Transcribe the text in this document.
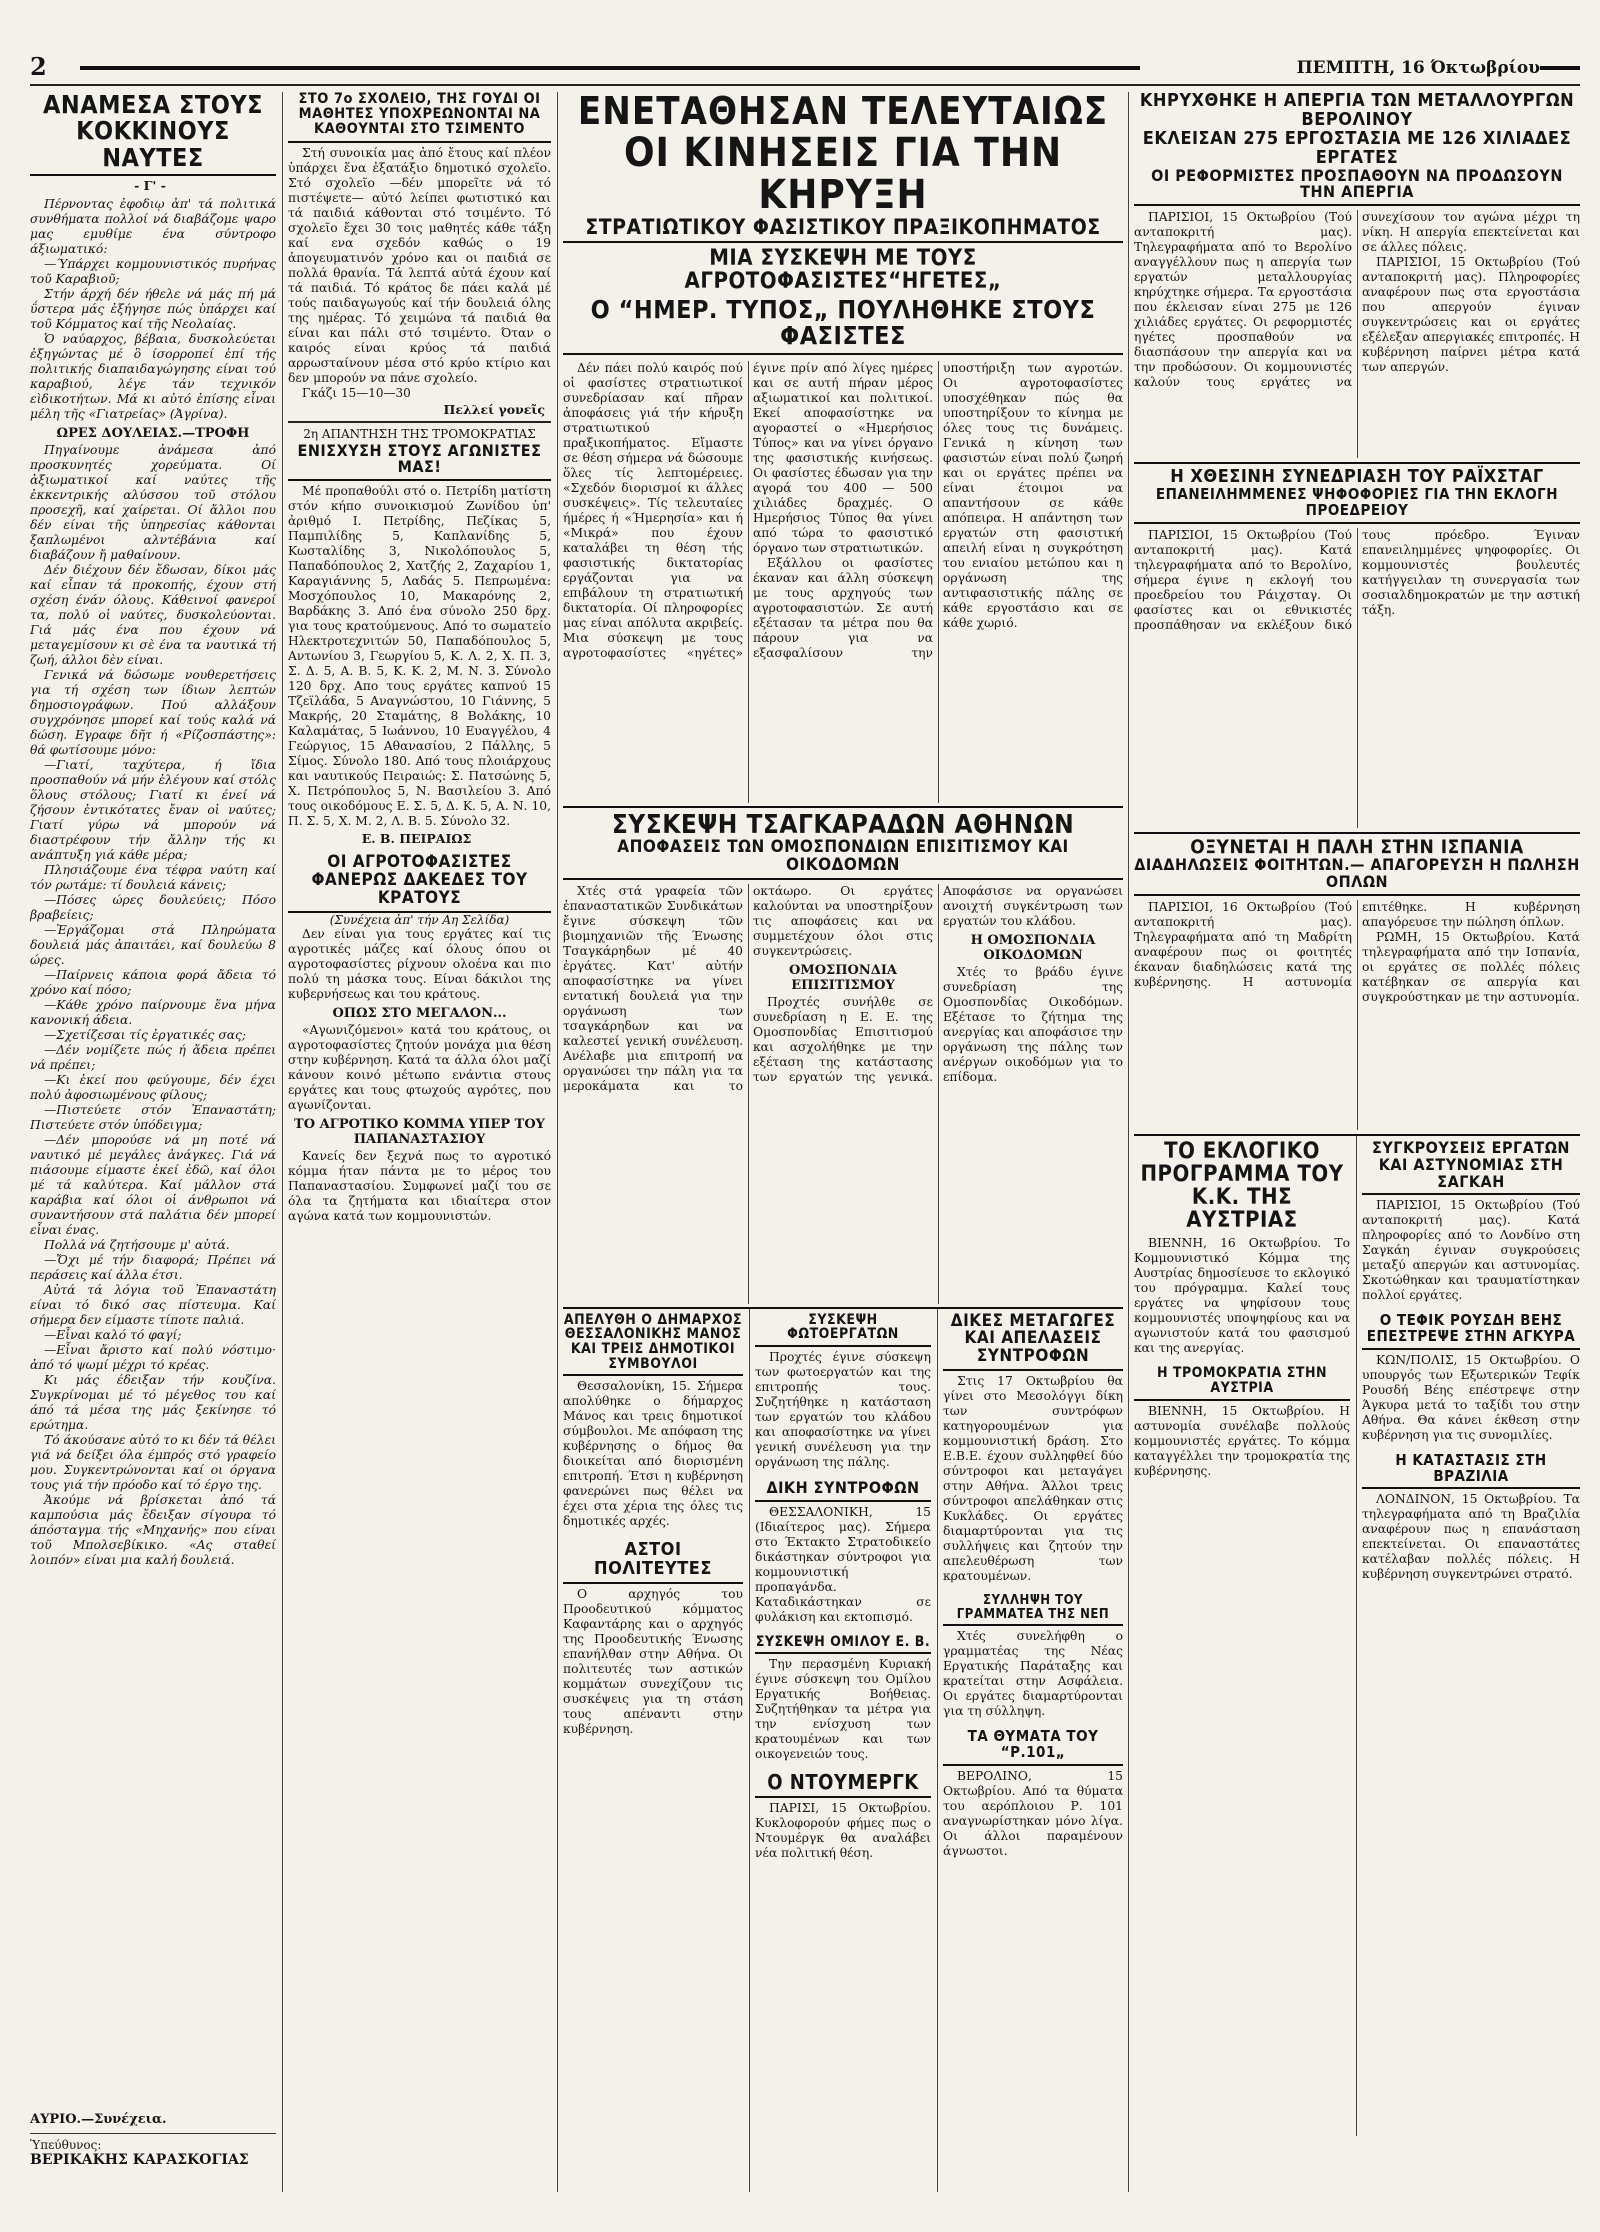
2	ΠΕΜΠΤΗ, 16 Όκτωβρίου
ΑΝΑΜΕΣΑ ΣΤΟΥΣ ΚΟΚΚΙΝΟΥΣ ΝΑΥΤΕΣ
- Γ' -

Πέρνοντας ἐφοδιῳ ἀπ' τά πολιτικά συνθήματα πολλοί νά διαβάζομε ψαρο μας εμυθίμε ένα σύντροφο άξιωματικό:

—Ύπάρχει κομμουνιστικός πυρήνας τοῦ Καραβιοῦ;

Στήν άρχή δέν ήθελε νά μάς πή μά ΰστερα μάς ἐξήγησε πώς ὑπάρχει καί τοῦ Κόμματος καί τῆς Νεολαίας.

Ὁ ναύαρχος, βέβαια, δυσκολεύεται ἐξηγώντας μέ ὃ ίσορροπεί ἐπί τής πολιτικής διαπαιδαγώγησης είναι τού καραβιού, λέγε τάν τεχνικόν εὶδικοτήτων. Μά κι αὐτό ἐπίσης εἶναι μέλη τῆς «Γιατρείας» (Ἀγρίνα).

ΩΡΕΣ ΔΟΥΛΕΙΑΣ.—ΤΡΟΦΗ

Πηγαίνουμε ἀνάμεσα ἀπό προσκυνητές χορεύματα. Οί ἀξιωματικοί καί ναύτες τῆς ἐκκεντρικής αλύσσου τοῦ στόλου προσεχῆ, καί χαίρεται. Οί ἄλλοι που δέν είναι τῆς ὑπηρεσίας κάθονται ξαπλωμένοι αλντέβάνια καί διαβάζουν ἤ μαθαίνουν.

Δέν διέχουν δέν ἔδωσαν, δίκοι μάς καί εἶπαν τά προκοπής, έχουν στή σχέση ένάν όλους. Κάθεινοί φανεροί τα, πολύ οἱ ναύτες, δυσκολεύονται. Γιά μάς ένα που έχουν νά μεταγεμίσουν κι σὲ ένα τα ναυτικά τή ζωή, άλλοι δὲν είναι.

Γενικά νά δώσωμε νουθερετήσεις για τή σχέση των ίδιων λεπτών δημοσιογράφων. Πού αλλάξουν συγχρόνησε μπορεί καί τούς καλά νά δώση. Εγραφε δῆτ ή «Ρίζοσπάστης»: θά φωτίσουμε μόνο:

—Γιατί, ταχύτερα, ή ἴδια προσπαθούν νά μήν ἐλέγουν καί στόλς ὅλους στόλους; Γιατί κι ένεί νά ζήσουν ἐντικότατες ἔναν οἱ ναύτες; Γιατί γύρω νά μπορούν νά διαστρέφουν τήν ἄλλην τής κι ανάπτυξη γιά κάθε μέρα;

Πλησιάζουμε ένα τέφρα ναύτη καί τόν ρωτάμε: τί δουλειά κάνεις;

—Πόσες ώρες δουλεύεις; Πόσο βραβείεις;

—Ἐργάζομαι στά Πληρώματα δουλειά μάς ἀπαιτάει, καί δουλεύω 8 ώρες.

—Παίρνεις κάποια φορά ἄδεια τό χρόνο καί πόσο;

—Κάθε χρόνο παίρνουμε ἕνα μήνα κανονική άδεια.

—Σχετίζεσαι τίς ἐργατικές σας;

—Δέν νομίζετε πώς ή ἄδεια πρέπει νά πρέπει;

—Κι ἐκεί που φεύγουμε, δέν έχει πολύ ἀφοσιωμένους φίλους;

—Πιστεύετε στόν Ἐπαναστάτη; Πιστεύετε στόν ὑπόδειγμα;

—Δέν μπορούσε νά μη ποτέ νά ναυτικό μέ μεγάλες ἀνάγκες. Γιά νά πιάσουμε είμαστε ἐκεί ἐδῶ, καί όλοι μέ τά καλύτερα. Καί μάλλον στά καράβια καί όλοι οἱ άνθρωποι νά συναντήσουν στά παλάτια δέν μπορεί εἶναι ένας.

Πολλά νά ζητήσουμε μ' αὐτά.

—Ὄχι μέ τήν διαφορά; Πρέπει νά περάσεις καί άλλα έτσι.

Αὐτά τά λόγια τοῦ Ἐπαναστάτη είναι τό δικό σας πίστευμα. Καί σήμερα δεν είμαστε τίποτε παλιά.

—Εἶναι καλό τό φαγί;

—Εἶναι ἄριστο καί πολύ νόστιμο· ἀπό τό ψωμί μέχρι τό κρέας.

Κι μάς έδειξαν τήν κουζίνα. Συγκρίνομαι μέ τό μέγεθος του καί άπό τά μέσα της μάς ξεκίνησε τό ερώτημα.

Τό άκούσανε αὐτό το κι δέν τά θέλει γιά νά δείξει όλα έμπρός στό γραφείο μου. Συγκεντρώνονται καί οι όργανα τους γιά τήν πρόοδο καί τό έργο της.

Ἀκούμε νά βρίσκεται ἀπό τά καμπούσια μάς ἔδειξαν σίγουρα τό άπόσταγμα τής «Μηχανής» που είναι τοῦ Μπολσεβίκικο. «Ας σταθεί λοιπόν» είναι μια καλή δουλειά.

ΑΥΡΙΟ.—Συνέχεια.
Ὑπεύθυνος:
ΒΕΡΙΚΑΚΗΣ ΚΑΡΑΣΚΟΓΙΑΣ
ΣΤΟ 7ο ΣΧΟΛΕΙΟ, ΤΗΣ ΓΟΥΔΙ ΟΙ ΜΑΘΗΤΕΣ ΥΠΟΧΡΕΩΝΟΝΤΑΙ ΝΑ ΚΑΘΟΥΝΤΑΙ ΣΤΟ ΤΣΙΜΕΝΤΟ

Στή συνοικία μας ἀπό ἔτους καί πλέον ὑπάρχει ἕνα ἐξατάξιο δημοτικό σχολεῖο. Στό σχολεῖο —δέν μπορεῖτε νά τό πιστέψετε— αὐτό λείπει φωτιστικό και τά παιδιά κάθονται στό τσιμέντο. Τό σχολεῖο ἔχει 30 τοις μαθητές κάθε τάξη καί ενα σχεδόν καθώς ο 19 ἀπογευματινόν χρόνο και οι παιδιά σε πολλά θρανία. Τά λεπτά αὐτά έχουν καί τά παιδιά. Τό κράτος δε πάει καλά μέ τούς παιδαγωγούς καί τήν δουλειά όλης της ημέρας. Τό χειμώνα τά παιδιά θα είναι και πάλι στό τσιμέντο. Όταν ο καιρός είναι κρύος τά παιδιά αρρωσταίνουν μέσα στό κρύο κτίριο και δεν μπορούν να πάνε σχολείο.

Γκάζι 15—10—30
Πελλεί γονεῖς
2η ΑΠΑΝΤΗΣΗ ΤΗΣ ΤΡΟΜΟΚΡΑΤΙΑΣ
ΕΝΙΣΧΥΣΗ ΣΤΟΥΣ ΑΓΩΝΙΣΤΕΣ ΜΑΣ!

Μέ προπαθούλι στό ο. Πετρίδη ματίστη στόν κήπο συνοικισμού Ζωνίδου ὑπ' ἀριθμό Ι. Πετρίδης, Πεζίκας 5, Παμπιλίδης 5, Καπλανίδης 5, Κωσταλίδης 3, Νικολόπουλος 5, Παπαδόπουλος 2, Χατζής 2, Ζαχαρίου 1, Καραγιάννης 5, Λαδάς 5. Πεπρωμένα: Μοσχόπουλος 10, Μακαρόνης 2, Βαρδάκης 3. Από ένα σύνολο 250 δρχ. για τους κρατούμενους. Από το σωματείο Ηλεκτροτεχνιτών 50, Παπαδόπουλος 5, Αντωνίου 3, Γεωργίου 5, Κ. Λ. 2, Χ. Π. 3, Σ. Δ. 5, Α. Β. 5, Κ. Κ. 2, Μ. Ν. 3. Σύνολο 120 δρχ. Απο τους εργάτες καπνού 15 Τζεϊλάδα, 5 Αναγνώστου, 10 Γιάννης, 5 Μακρής, 20 Σταμάτης, 8 Βολάκης, 10 Καλαμάτας, 5 Ιωάννου, 10 Ευαγγέλου, 4 Γεώργιος, 15 Αθανασίου, 2 Πάλλης, 5 Σίμος. Σύνολο 180. Από τους πλοιάρχους και ναυτικούς Πειραιώς: Σ. Πατσώνης 5, Χ. Πετρόπουλος 5, Ν. Βασιλείου 3. Από τους οικοδόμους Ε. Σ. 5, Δ. Κ. 5, Α. Ν. 10, Π. Σ. 5, Χ. Μ. 2, Λ. Β. 5. Σύνολο 32.

Ε. Β. ΠΕΙΡΑΙΩΣ
ΟΙ ΑΓΡΟΤΟΦΑΣΙΣΤΕΣ ΦΑΝΕΡΩΣ ΔΑΚΕΔΕΣ ΤΟΥ ΚΡΑΤΟΥΣ
(Συνέχεια ἀπ' τήν Αη Σελίδα)

Δεν είναι για τους εργάτες καί τις αγροτικές μάζες καί όλους όπου οι αγροτοφασίστες ρίχνουν ολοένα και πιο πολύ τη μάσκα τους. Είναι δάκιλοι της κυβερνήσεως και του κράτους.

ΟΠΩΣ ΣΤΟ ΜΕΓΑΛΟΝ...

«Αγωνιζόμενοι» κατά του κράτους, οι αγροτοφασίστες ζητούν μονάχα μια θέση στην κυβέρνηση. Κατά τα άλλα όλοι μαζί κάνουν κοινό μέτωπο ενάντια στους εργάτες και τους φτωχούς αγρότες, που αγωνίζονται.

ΤΟ ΑΓΡΟΤΙΚΟ ΚΟΜΜΑ ΥΠΕΡ ΤΟΥ ΠΑΠΑΝΑΣΤΑΣΙΟΥ

Κανείς δεν ξεχνά πως το αγροτικό κόμμα ήταν πάντα με το μέρος του Παπαναστασίου. Συμφωνεί μαζί του σε όλα τα ζητήματα και ιδιαίτερα στον αγώνα κατά των κομμουνιστών.

ΕΝΕΤΑΘΗΣΑΝ ΤΕΛΕΥΤΑΙΩΣ
ΟΙ ΚΙΝΗΣΕΙΣ ΓΙΑ ΤΗΝ ΚΗΡΥΞΗ
ΣΤΡΑΤΙΩΤΙΚΟΥ ΦΑΣΙΣΤΙΚΟΥ ΠΡΑΞΙΚΟΠΗΜΑΤΟΣ
ΜΙΑ ΣΥΣΚΕΨΗ ΜΕ ΤΟΥΣ ΑΓΡΟΤΟΦΑΣΙΣΤΕΣ“ΗΓΕΤΕΣ„
Ο “ΗΜΕΡ. ΤΥΠΟΣ„ ΠΟΥΛΗΘΗΚΕ ΣΤΟΥΣ ΦΑΣΙΣΤΕΣ

Δέν πάει πολύ καιρός πού οἱ φασίστες στρατιωτικοί συνεδρίασαν καί πῆραν ἀποφάσεις γιά τήν κήρυξη στρατιωτικού πραξικοπήματος. Εἴμαστε σε θέση σήμερα νά δώσουμε ὅλες τίς λεπτομέρειες. «Σχεδόν διορισμοί κι άλλες συσκέψεις». Τίς τελευταίες ήμέρες ή «Ήμερησία» και ή «Μικρά» που έχουν καταλάβει τη θέση τής φασιστικής δικτατορίας εργάζονται για να επιβάλουν τη στρατιωτική δικτατορία. Οί πληροφορίες μας είναι απόλυτα ακριβείς. Μια σύσκεψη με τους αγροτοφασίστες «ηγέτες» έγινε πρίν από λίγες ημέρες και σε αυτή πήραν μέρος αξιωματικοί και πολιτικοί. Εκεί αποφασίστηκε να αγοραστεί ο «Ημερήσιος Τύπος» και να γίνει όργανο της φασιστικής κινήσεως. Οι φασίστες έδωσαν για την αγορά του 400 — 500 χιλιάδες δραχμές. Ο Ημερήσιος Τύπος θα γίνει από τώρα το φασιστικό όργανο των στρατιωτικών.

Εξάλλου οι φασίστες έκαναν και άλλη σύσκεψη με τους αρχηγούς των αγροτοφασιστών. Σε αυτή εξέτασαν τα μέτρα που θα πάρουν για να εξασφαλίσουν την υποστήριξη των αγροτών. Οι αγροτοφασίστες υποσχέθηκαν πώς θα υποστηρίξουν το κίνημα με όλες τους τις δυνάμεις. Γενικά η κίνηση των φασιστών είναι πολύ ζωηρή και οι εργάτες πρέπει να είναι έτοιμοι να απαντήσουν σε κάθε απόπειρα. Η απάντηση των εργατών στη φασιστική απειλή είναι η συγκρότηση του ενιαίου μετώπου και η οργάνωση της αντιφασιστικής πάλης σε κάθε εργοστάσιο και σε κάθε χωριό.

ΣΥΣΚΕΨΗ ΤΣΑΓΚΑΡΑΔΩΝ ΑΘΗΝΩΝ
ΑΠΟΦΑΣΕΙΣ ΤΩΝ ΟΜΟΣΠΟΝΔΙΩΝ ΕΠΙΣΙΤΙΣΜΟΥ ΚΑΙ ΟΙΚΟΔΟΜΩΝ

Χτές στά γραφεία τῶν ἐπαναστατικῶν Συνδικάτων ἔγινε σύσκεψη τῶν βιομηχανιῶν τῆς Ένωσης Τσαγκάρηδων μέ 40 ἐργάτες. Κατ' αὐτήν αποφασίστηκε να γίνει εντατική δουλειά για την οργάνωση των τσαγκάρηδων και να καλεστεί γενική συνέλευση. Ανέλαβε μια επιτροπή να οργανώσει την πάλη για τα μεροκάματα και το οκτάωρο. Οι εργάτες καλούνται να υποστηρίξουν τις αποφάσεις και να συμμετέχουν όλοι στις συγκεντρώσεις.

ΟΜΟΣΠΟΝΔΙΑ ΕΠΙΣΙΤΙΣΜΟΥ

Προχτές συνήλθε σε συνεδρίαση η Ε. Ε. της Ομοσπονδίας Επισιτισμού και ασχολήθηκε με την εξέταση της κατάστασης των εργατών της γενικά. Αποφάσισε να οργανώσει ανοιχτή συγκέντρωση των εργατών του κλάδου.

Η ΟΜΟΣΠΟΝΔΙΑ ΟΙΚΟΔΟΜΩΝ

Χτές το βράδυ έγινε συνεδρίαση της Ομοσπονδίας Οικοδόμων. Εξέτασε το ζήτημα της ανεργίας και αποφάσισε την οργάνωση της πάλης των ανέργων οικοδόμων για το επίδομα.

ΑΠΕΛΥΘΗ Ο ΔΗΜΑΡΧΟΣ ΘΕΣΣΑΛΟΝΙΚΗΣ ΜΑΝΟΣ ΚΑΙ ΤΡΕΙΣ ΔΗΜΟΤΙΚΟΙ ΣΥΜΒΟΥΛΟΙ

Θεσσαλονίκη, 15. Σήμερα απολύθηκε ο δήμαρχος Μάνος και τρεις δημοτικοί σύμβουλοι. Με απόφαση της κυβέρνησης ο δήμος θα διοικείται από διορισμένη επιτροπή. Έτσι η κυβέρνηση φανερώνει πως θέλει να έχει στα χέρια της όλες τις δημοτικές αρχές.

ΑΣΤΟΙ ΠΟΛΙΤΕΥΤΕΣ

Ο αρχηγός του Προοδευτικού κόμματος Καφαντάρης και ο αρχηγός της Προοδευτικής Ένωσης επανήλθαν στην Αθήνα. Οι πολιτευτές των αστικών κομμάτων συνεχίζουν τις συσκέψεις για τη στάση τους απέναντι στην κυβέρνηση.

ΣΥΣΚΕΨΗ ΦΩΤΟΕΡΓΑΤΩΝ

Προχτές έγινε σύσκεψη των φωτοεργατών και της επιτροπής τους. Συζητήθηκε η κατάσταση των εργατών του κλάδου και αποφασίστηκε να γίνει γενική συνέλευση για την οργάνωση της πάλης.

ΔΙΚΗ ΣΥΝΤΡΟΦΩΝ

ΘΕΣΣΑΛΟΝΙΚΗ, 15 (Ιδιαίτερος μας). Σήμερα στο Έκτακτο Στρατοδικείο δικάστηκαν σύντροφοι για κομμουνιστική προπαγάνδα. Καταδικάστηκαν σε φυλάκιση και εκτοπισμό.

ΣΥΣΚΕΨΗ ΟΜΙΛΟΥ Ε. Β.

Την περασμένη Κυριακή έγινε σύσκεψη του Ομίλου Εργατικής Βοήθειας. Συζητήθηκαν τα μέτρα για την ενίσχυση των κρατουμένων και των οικογενειών τους.

Ο ΝΤΟΥΜΕΡΓΚ

ΠΑΡΙΣΙ, 15 Οκτωβρίου. Κυκλοφορούν φήμες πως ο Ντουμέργκ θα αναλάβει νέα πολιτική θέση.

ΔΙΚΕΣ ΜΕΤΑΓΩΓΕΣ ΚΑΙ ΑΠΕΛΑΣΕΙΣ ΣΥΝΤΡΟΦΩΝ

Στις 17 Οκτωβρίου θα γίνει στο Μεσολόγγι δίκη των συντρόφων κατηγορουμένων για κομμουνιστική δράση. Στο Ε.Β.Ε. έχουν συλληφθεί δύο σύντροφοι και μεταγάγει στην Αθήνα. Άλλοι τρεις σύντροφοι απελάθηκαν στις Κυκλάδες. Οι εργάτες διαμαρτύρονται για τις συλλήψεις και ζητούν την απελευθέρωση των κρατουμένων.

ΣΥΛΛΗΨΗ ΤΟΥ ΓΡΑΜΜΑΤΕΑ ΤΗΣ ΝΕΠ

Χτές συνελήφθη ο γραμματέας της Νέας Εργατικής Παράταξης και κρατείται στην Ασφάλεια. Οι εργάτες διαμαρτύρονται για τη σύλληψη.

ΤΑ ΘΥΜΑΤΑ ΤΟΥ “Ρ.101„

ΒΕΡΟΛΙΝΟ, 15 Οκτωβρίου. Από τα θύματα του αερόπλοιου Ρ. 101 αναγνωρίστηκαν μόνο λίγα. Οι άλλοι παραμένουν άγνωστοι.

ΚΗΡΥΧΘΗΚΕ Η ΑΠΕΡΓΙΑ ΤΩΝ ΜΕΤΑΛΛΟΥΡΓΩΝ ΒΕΡΟΛΙΝΟΥ
ΕΚΛΕΙΣΑΝ 275 ΕΡΓΟΣΤΑΣΙΑ ΜΕ 126 ΧΙΛΙΑΔΕΣ ΕΡΓΑΤΕΣ
ΟΙ ΡΕΦΟΡΜΙΣΤΕΣ ΠΡΟΣΠΑΘΟΥΝ ΝΑ ΠΡΟΔΩΣΟΥΝ ΤΗΝ ΑΠΕΡΓΙΑ

ΠΑΡΙΣΙΟΙ, 15 Οκτωβρίου (Τού ανταποκριτή μας). Τηλεγραφήματα από το Βερολίνο αναγγέλλουν πως η απεργία των εργατών μεταλλουργίας κηρύχτηκε σήμερα. Τα εργοστάσια που έκλεισαν είναι 275 με 126 χιλιάδες εργάτες. Οι ρεφορμιστές ηγέτες προσπαθούν να διασπάσουν την απεργία και να την προδώσουν. Οι κομμουνιστές καλούν τους εργάτες να συνεχίσουν τον αγώνα μέχρι τη νίκη. Η απεργία επεκτείνεται και σε άλλες πόλεις.

ΠΑΡΙΣΙΟΙ, 15 Οκτωβρίου (Τού ανταποκριτή μας). Πληροφορίες αναφέρουν πως στα εργοστάσια που απεργούν έγιναν συγκεντρώσεις και οι εργάτες εξέλεξαν απεργιακές επιτροπές. Η κυβέρνηση παίρνει μέτρα κατά των απεργών.

Η ΧΘΕΣΙΝΗ ΣΥΝΕΔΡΙΑΣΗ ΤΟΥ ΡΑΪΧΣΤΑΓ
ΕΠΑΝΕΙΛΗΜΜΕΝΕΣ ΨΗΦΟΦΟΡΙΕΣ ΓΙΑ ΤΗΝ ΕΚΛΟΓΗ ΠΡΟΕΔΡΕΙΟΥ

ΠΑΡΙΣΙΟΙ, 15 Οκτωβρίου (Τού ανταποκριτή μας). Κατά τηλεγραφήματα από το Βερολίνο, σήμερα έγινε η εκλογή του προεδρείου του Ράιχσταγ. Οι φασίστες και οι εθνικιστές προσπάθησαν να εκλέξουν δικό τους πρόεδρο. Έγιναν επανειλημμένες ψηφοφορίες. Οι κομμουνιστές βουλευτές κατήγγειλαν τη συνεργασία των σοσιαλδημοκρατών με την αστική τάξη.

ΟΞΥΝΕΤΑΙ Η ΠΑΛΗ ΣΤΗΝ ΙΣΠΑΝΙΑ
ΔΙΑΔΗΛΩΣΕΙΣ ΦΟΙΤΗΤΩΝ.— ΑΠΑΓΟΡΕΥΣΗ Η ΠΩΛΗΣΗ ΟΠΛΩΝ

ΠΑΡΙΣΙΟΙ, 16 Οκτωβρίου (Τού ανταποκριτή μας). Τηλεγραφήματα από τη Μαδρίτη αναφέρουν πως οι φοιτητές έκαναν διαδηλώσεις κατά της κυβέρνησης. Η αστυνομία επιτέθηκε. Η κυβέρνηση απαγόρευσε την πώληση όπλων.

ΡΩΜΗ, 15 Οκτωβρίου. Κατά τηλεγραφήματα από την Ισπανία, οι εργάτες σε πολλές πόλεις κατέβηκαν σε απεργία και συγκρούστηκαν με την αστυνομία.

ΤΟ ΕΚΛΟΓΙΚΟ ΠΡΟΓΡΑΜΜΑ ΤΟΥ Κ.Κ. ΤΗΣ ΑΥΣΤΡΙΑΣ

ΒΙΕΝΝΗ, 16 Οκτωβρίου. Το Κομμουνιστικό Κόμμα της Αυστρίας δημοσίευσε το εκλογικό του πρόγραμμα. Καλεί τους εργάτες να ψηφίσουν τους κομμουνιστές υποψηφίους και να αγωνιστούν κατά του φασισμού και της ανεργίας.

Η ΤΡΟΜΟΚΡΑΤΙΑ ΣΤΗΝ ΑΥΣΤΡΙΑ

ΒΙΕΝΝΗ, 15 Οκτωβρίου. Η αστυνομία συνέλαβε πολλούς κομμουνιστές εργάτες. Το κόμμα καταγγέλλει την τρομοκρατία της κυβέρνησης.

ΣΥΓΚΡΟΥΣΕΙΣ ΕΡΓΑΤΩΝ ΚΑΙ ΑΣΤΥΝΟΜΙΑΣ ΣΤΗ ΣΑΓΚΑΗ

ΠΑΡΙΣΙΟΙ, 15 Οκτωβρίου (Τού ανταποκριτή μας). Κατά πληροφορίες από το Λονδίνο στη Σαγκάη έγιναν συγκρούσεις μεταξύ απεργών και αστυνομίας. Σκοτώθηκαν και τραυματίστηκαν πολλοί εργάτες.

Ο ΤΕΦΙΚ ΡΟΥΣΔΗ ΒΕΗΣ ΕΠΕΣΤΡΕΨΕ ΣΤΗΝ ΑΓΚΥΡΑ

ΚΩΝ/ΠΟΛΙΣ, 15 Οκτωβρίου. Ο υπουργός των Εξωτερικών Τεφίκ Ρουσδή Βέης επέστρεψε στην Άγκυρα μετά το ταξίδι του στην Αθήνα. Θα κάνει έκθεση στην κυβέρνηση για τις συνομιλίες.

Η ΚΑΤΑΣΤΑΣΙΣ ΣΤΗ ΒΡΑΖΙΛΙΑ

ΛΟΝΔΙΝΟΝ, 15 Οκτωβρίου. Τα τηλεγραφήματα από τη Βραζιλία αναφέρουν πως η επανάσταση επεκτείνεται. Οι επαναστάτες κατέλαβαν πολλές πόλεις. Η κυβέρνηση συγκεντρώνει στρατό.
